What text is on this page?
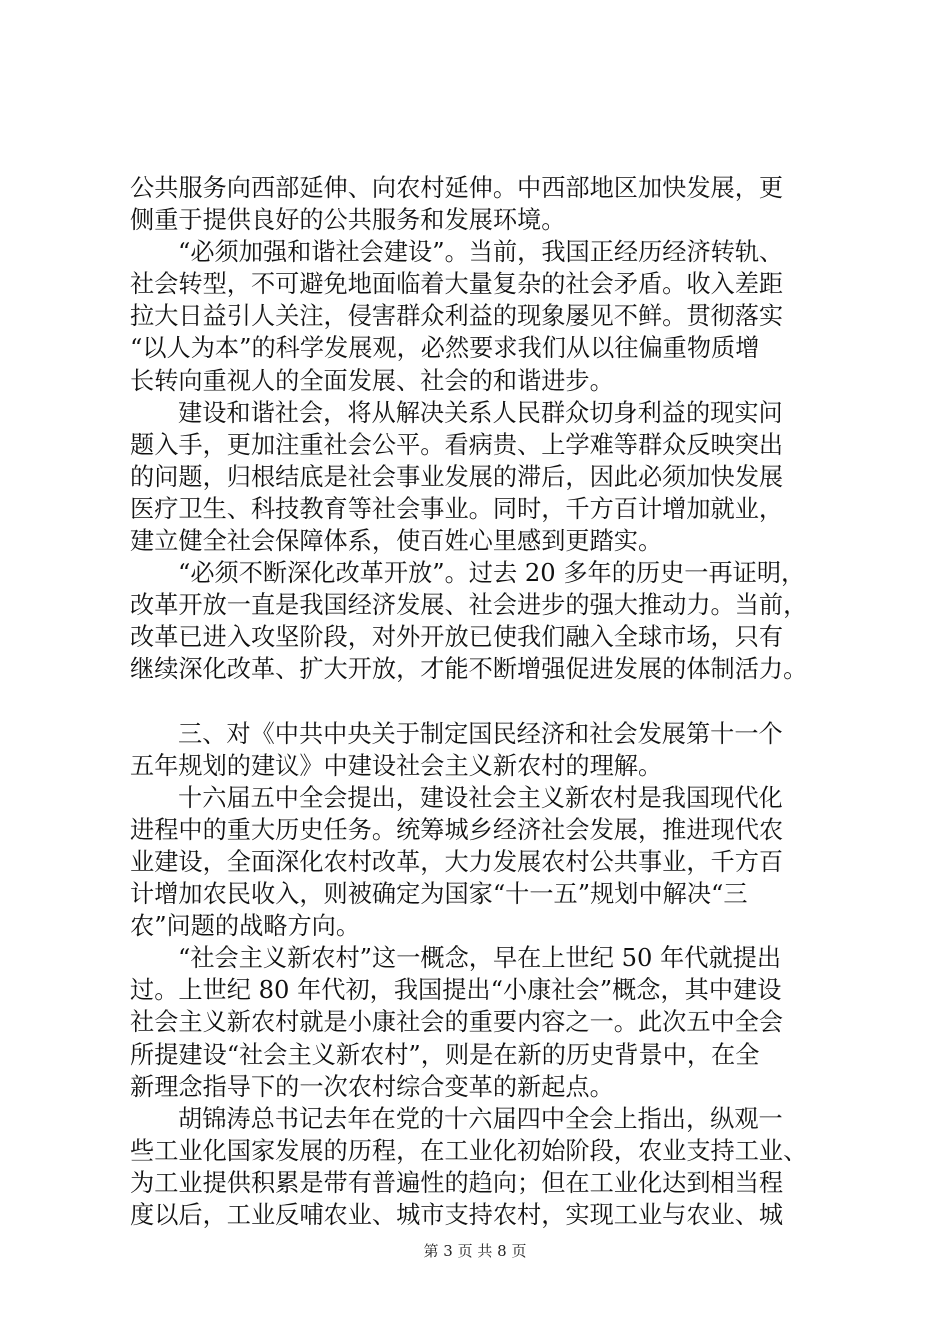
公共服务向西部延伸、向农村延伸。中西部地区加快发展，更
侧重于提供良好的公共服务和发展环境。
“必须加强和谐社会建设”。当前，我国正经历经济转轨、
社会转型，不可避免地面临着大量复杂的社会矛盾。收入差距
拉大日益引人关注，侵害群众利益的现象屡见不鲜。贯彻落实
“以人为本”的科学发展观，必然要求我们从以往偏重物质增
长转向重视人的全面发展、社会的和谐进步。
建设和谐社会，将从解决关系人民群众切身利益的现实问
题入手，更加注重社会公平。看病贵、上学难等群众反映突出
的问题，归根结底是社会事业发展的滞后，因此必须加快发展
医疗卫生、科技教育等社会事业。同时，千方百计增加就业，
建立健全社会保障体系，使百姓心里感到更踏实。
“必须不断深化改革开放”。过去 20 多年的历史一再证明，
改革开放一直是我国经济发展、社会进步的强大推动力。当前，
改革已进入攻坚阶段，对外开放已使我们融入全球市场，只有
继续深化改革、扩大开放，才能不断增强促进发展的体制活力。
三、对《中共中央关于制定国民经济和社会发展第十一个
五年规划的建议》中建设社会主义新农村的理解。
十六届五中全会提出，建设社会主义新农村是我国现代化
进程中的重大历史任务。统筹城乡经济社会发展，推进现代农
业建设，全面深化农村改革，大力发展农村公共事业，千方百
计增加农民收入，则被确定为国家“十一五”规划中解决“三
农”问题的战略方向。
“社会主义新农村”这一概念，早在上世纪 50 年代就提出
过。上世纪 80 年代初，我国提出“小康社会”概念，其中建设
社会主义新农村就是小康社会的重要内容之一。此次五中全会
所提建设“社会主义新农村”，则是在新的历史背景中，在全
新理念指导下的一次农村综合变革的新起点。
胡锦涛总书记去年在党的十六届四中全会上指出，纵观一
些工业化国家发展的历程，在工业化初始阶段，农业支持工业、
为工业提供积累是带有普遍性的趋向；但在工业化达到相当程
度以后，工业反哺农业、城市支持农村，实现工业与农业、城
第 3 页 共 8 页
